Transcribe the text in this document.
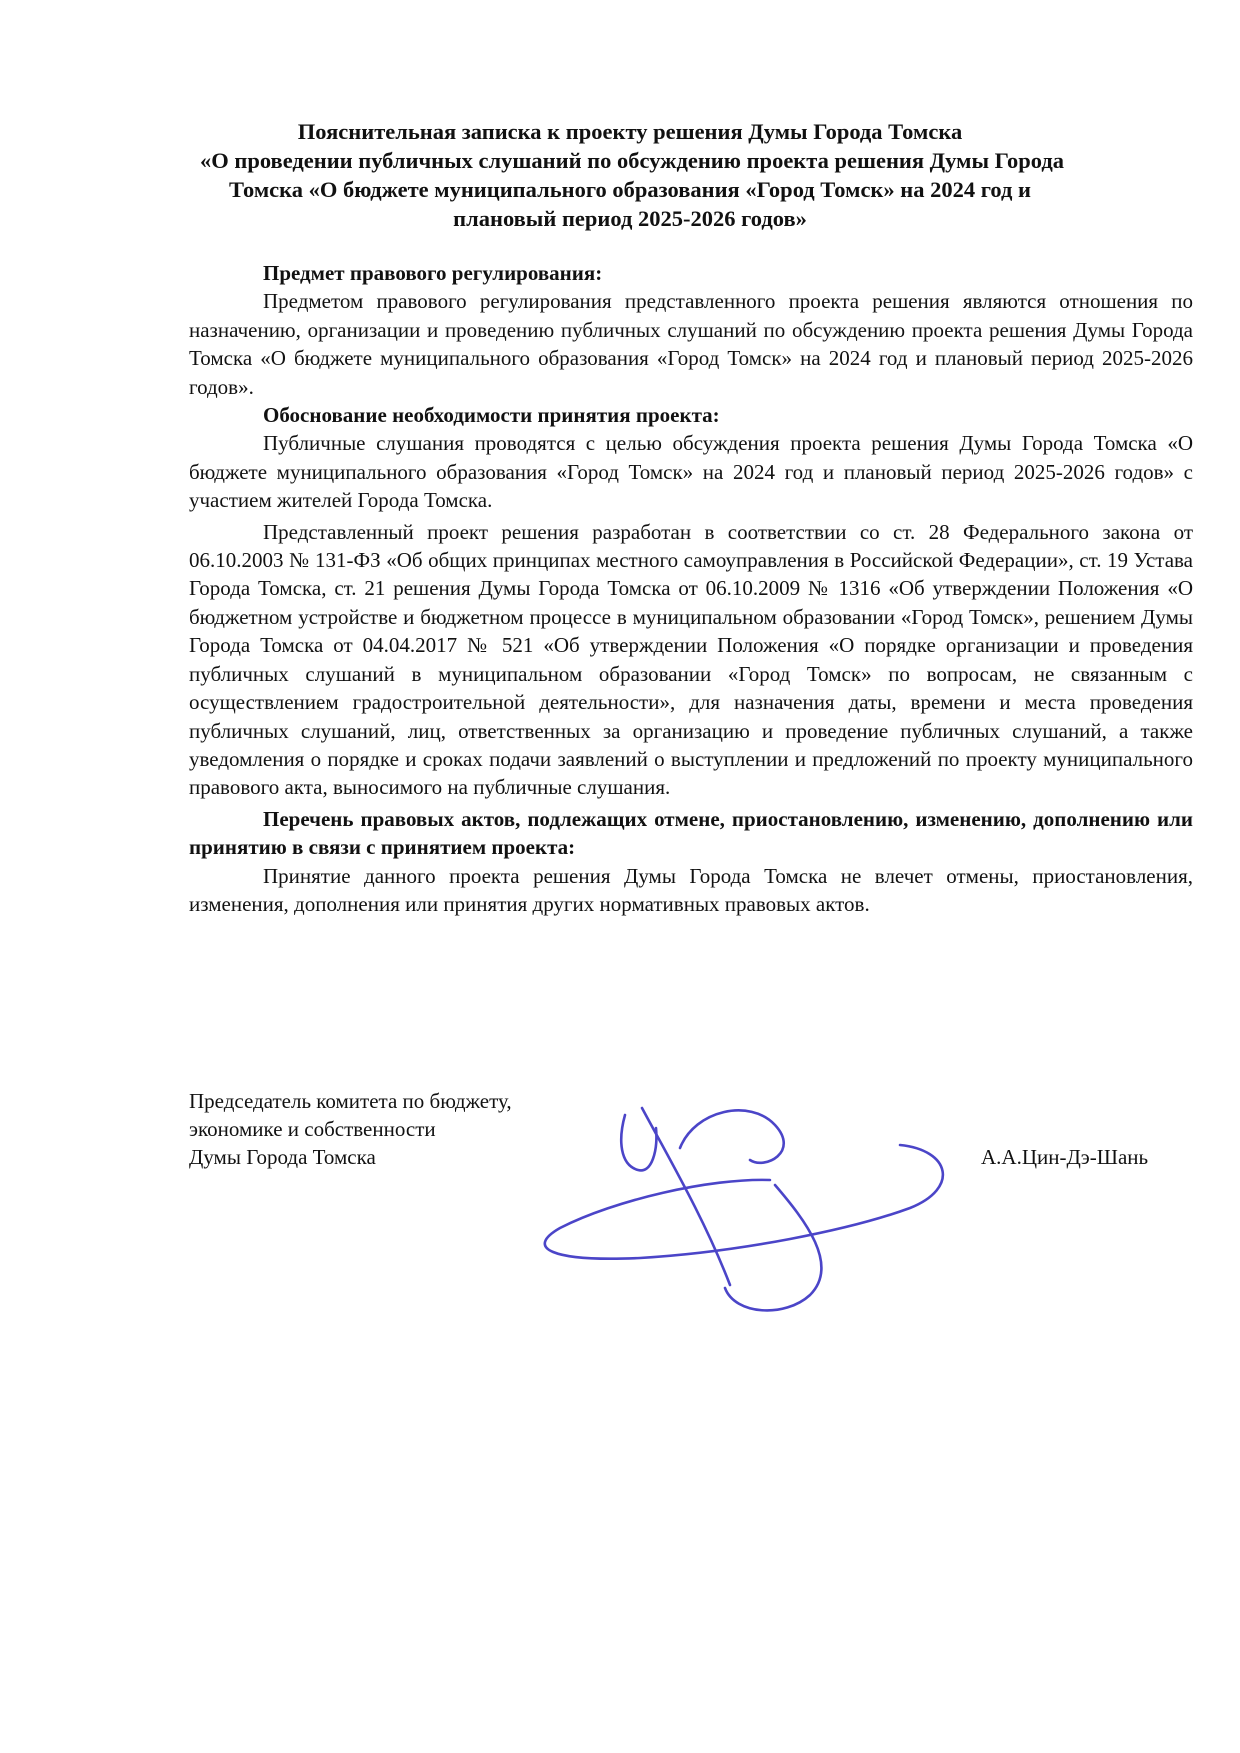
Пояснительная записка к проекту решения Думы Города Томска
«О проведении публичных слушаний по обсуждению проекта решения Думы Города
Томска «О бюджете муниципального образования «Город Томск» на 2024 год и
плановый период 2025-2026 годов»

Предмет правового регулирования:

Предметом правового регулирования представленного проекта решения являются отношения по назначению, организации и проведению публичных слушаний по обсуждению проекта решения Думы Города Томска «О бюджете муниципального образования «Город Томск» на 2024 год и плановый период 2025-2026 годов».

Обоснование необходимости принятия проекта:

Публичные слушания проводятся с целью обсуждения проекта решения Думы Города Томска «О бюджете муниципального образования «Город Томск» на 2024 год и плановый период 2025-2026 годов» с участием жителей Города Томска.

Представленный проект решения разработан в соответствии со ст. 28 Федерального закона от 06.10.2003 № 131-ФЗ «Об общих принципах местного самоуправления в Российской Федерации», ст. 19 Устава Города Томска, ст. 21 решения Думы Города Томска от 06.10.2009 № 1316 «Об утверждении Положения «О бюджетном устройстве и бюджетном процессе в муниципальном образовании «Город Томск», решением Думы Города Томска от 04.04.2017 № 521 «Об утверждении Положения «О порядке организации и проведения публичных слушаний в муниципальном образовании «Город Томск» по вопросам, не связанным с осуществлением градостроительной деятельности», для назначения даты, времени и места проведения публичных слушаний, лиц, ответственных за организацию и проведение публичных слушаний, а также уведомления о порядке и сроках подачи заявлений о выступлении и предложений по проекту муниципального правового акта, выносимого на публичные слушания.

Перечень правовых актов, подлежащих отмене, приостановлению, изменению, дополнению или принятию в связи с принятием проекта:

Принятие данного проекта решения Думы Города Томска не влечет отмены, приостановления, изменения, дополнения или принятия других нормативных правовых актов.

Председатель комитета по бюджету,
экономике и собственности
Думы Города Томска	А.А.Цин-Дэ-Шань
